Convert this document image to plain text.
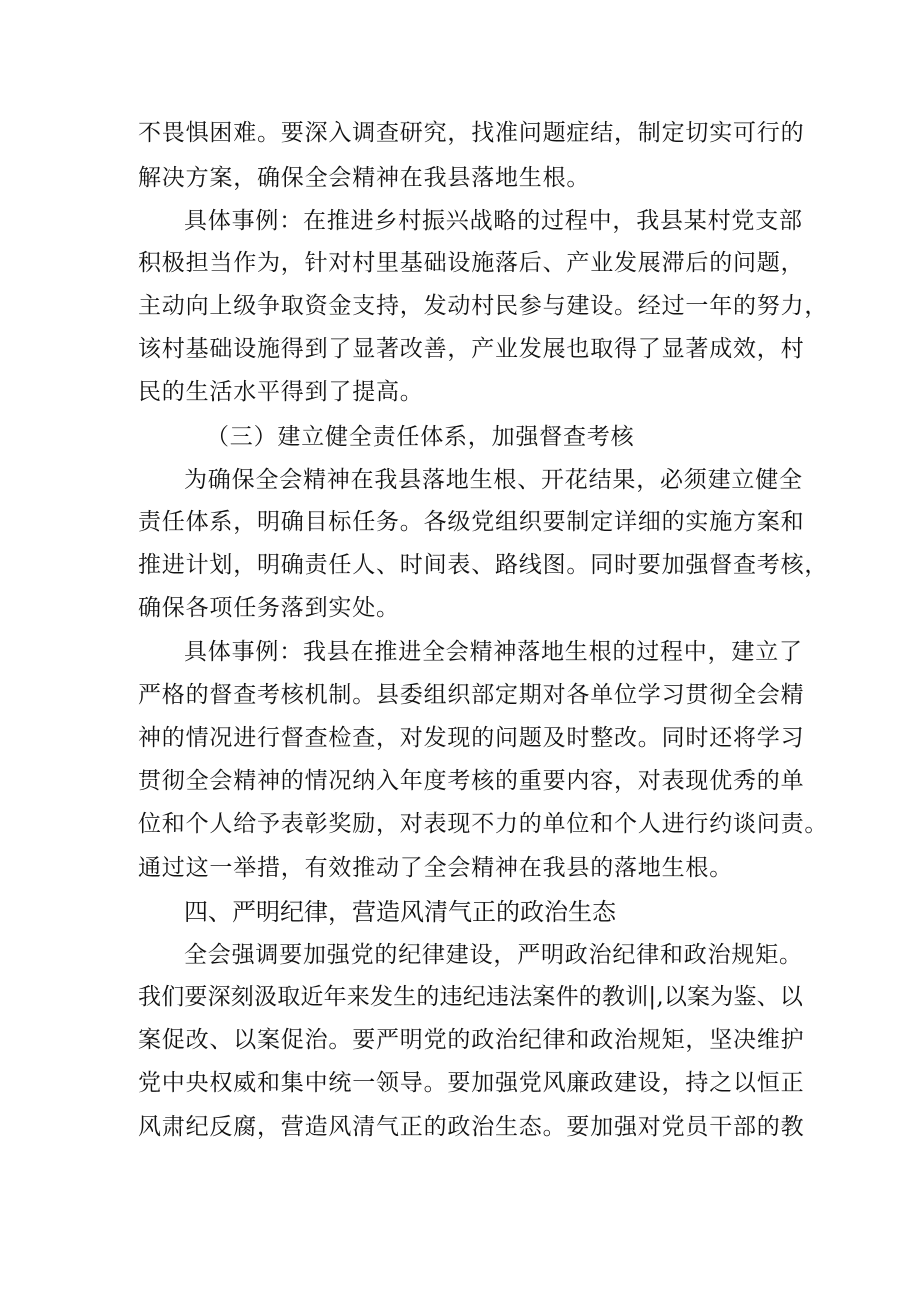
不畏惧困难。要深入调查研究，找准问题症结，制定切实可行的

解决方案，确保全会精神在我县落地生根。

具体事例：在推进乡村振兴战略的过程中，我县某村党支部

积极担当作为，针对村里基础设施落后、产业发展滞后的问题，

主动向上级争取资金支持，发动村民参与建设。经过一年的努力，

该村基础设施得到了显著改善，产业发展也取得了显著成效，村

民的生活水平得到了提高。

（三）建立健全责任体系，加强督查考核

为确保全会精神在我县落地生根、开花结果，必须建立健全

责任体系，明确目标任务。各级党组织要制定详细的实施方案和

推进计划，明确责任人、时间表、路线图。同时要加强督查考核，

确保各项任务落到实处。

具体事例：我县在推进全会精神落地生根的过程中，建立了

严格的督查考核机制。县委组织部定期对各单位学习贯彻全会精

神的情况进行督查检查，对发现的问题及时整改。同时还将学习

贯彻全会精神的情况纳入年度考核的重要内容，对表现优秀的单

位和个人给予表彰奖励，对表现不力的单位和个人进行约谈问责。

通过这一举措，有效推动了全会精神在我县的落地生根。

四、严明纪律，营造风清气正的政治生态

全会强调要加强党的纪律建设，严明政治纪律和政治规矩。

我们要深刻汲取近年来发生的违纪违法案件的教训|,以案为鉴、以

案促改、以案促治。要严明党的政治纪律和政治规矩，坚决维护

党中央权威和集中统一领导。要加强党风廉政建设，持之以恒正

风肃纪反腐，营造风清气正的政治生态。要加强对党员干部的教
